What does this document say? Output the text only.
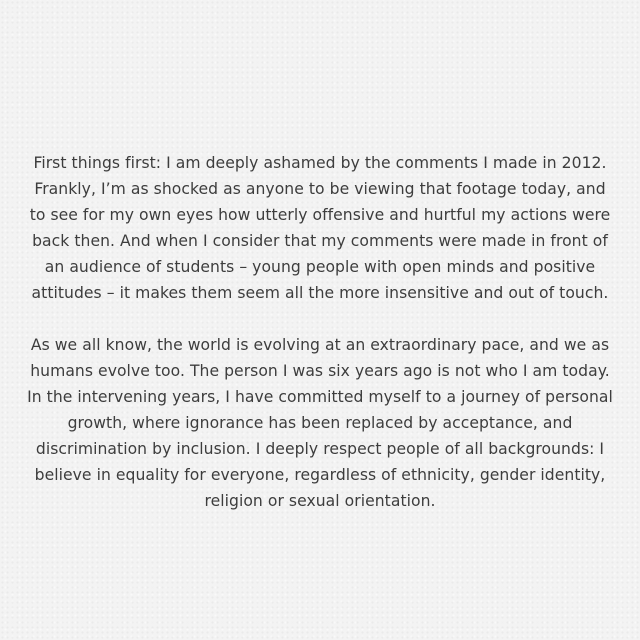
First things first: I am deeply ashamed by the comments I made in 2012.
Frankly, I’m as shocked as anyone to be viewing that footage today, and
to see for my own eyes how utterly offensive and hurtful my actions were
back then. And when I consider that my comments were made in front of
an audience of students – young people with open minds and positive
attitudes – it makes them seem all the more insensitive and out of touch.

As we all know, the world is evolving at an extraordinary pace, and we as
humans evolve too. The person I was six years ago is not who I am today.
In the intervening years, I have committed myself to a journey of personal
growth, where ignorance has been replaced by acceptance, and
discrimination by inclusion. I deeply respect people of all backgrounds: I
believe in equality for everyone, regardless of ethnicity, gender identity,
religion or sexual orientation.
